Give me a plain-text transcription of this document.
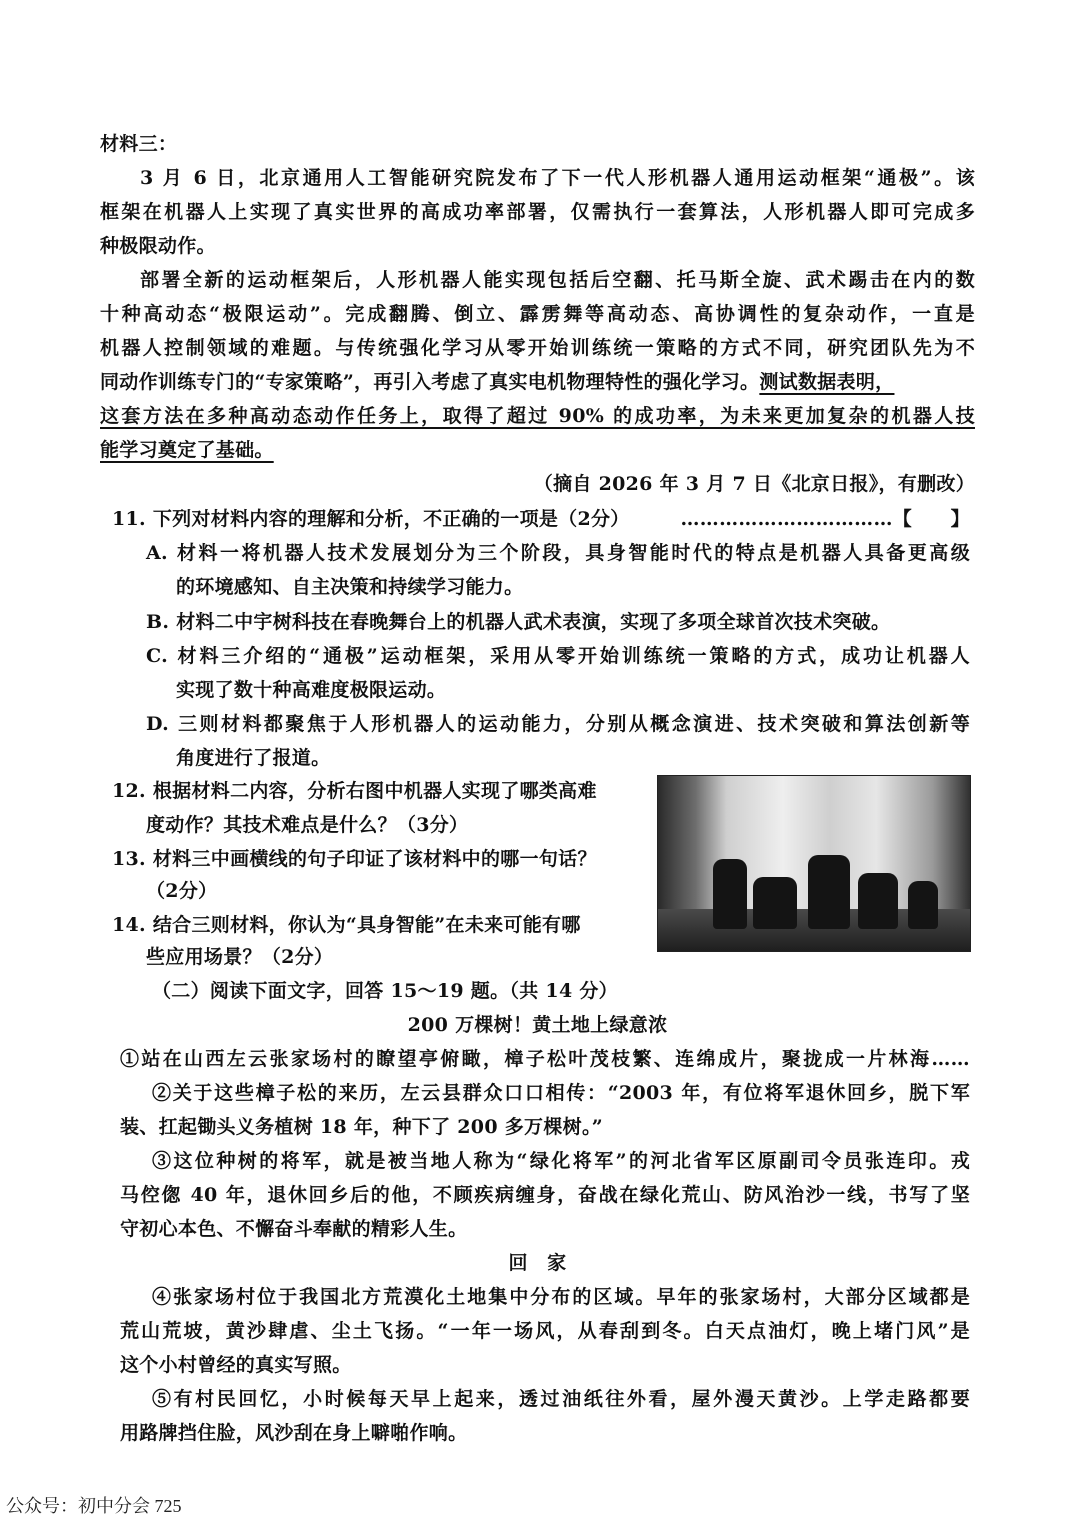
材料三：
3 月 6 日，北京通用人工智能研究院发布了下一代人形机器人通用运动框架“通极”。该
框架在机器人上实现了真实世界的高成功率部署，仅需执行一套算法，人形机器人即可完成多
种极限动作。
部署全新的运动框架后，人形机器人能实现包括后空翻、托马斯全旋、武术踢击在内的数
十种高动态“极限运动”。完成翻腾、倒立、霹雳舞等高动态、高协调性的复杂动作，一直是
机器人控制领域的难题。与传统强化学习从零开始训练统一策略的方式不同，研究团队先为不
同动作训练专门的“专家策略”，再引入考虑了真实电机物理特性的强化学习。测试数据表明，
这套方法在多种高动态动作任务上，取得了超过 90% 的成功率，为未来更加复杂的机器人技
能学习奠定了基础。
（摘自 2026 年 3 月 7 日《北京日报》，有删改）
11. 下列对材料内容的理解和分析，不正确的一项是（2分）	……………………………【　　】
A. 材料一将机器人技术发展划分为三个阶段，具身智能时代的特点是机器人具备更高级
的环境感知、自主决策和持续学习能力。
B. 材料二中宇树科技在春晚舞台上的机器人武术表演，实现了多项全球首次技术突破。
C. 材料三介绍的“通极”运动框架，采用从零开始训练统一策略的方式，成功让机器人
实现了数十种高难度极限运动。
D. 三则材料都聚焦于人形机器人的运动能力，分别从概念演进、技术突破和算法创新等
角度进行了报道。
12. 根据材料二内容，分析右图中机器人实现了哪类高难
度动作？其技术难点是什么？（3分）
13. 材料三中画横线的句子印证了该材料中的哪一句话？
（2分）
14. 结合三则材料，你认为“具身智能”在未来可能有哪
些应用场景？（2分）
（二）阅读下面文字，回答 15～19 题。（共 14 分）
200 万棵树！黄土地上绿意浓
①站在山西左云张家场村的瞭望亭俯瞰，樟子松叶茂枝繁、连绵成片，聚拢成一片林海……
②关于这些樟子松的来历，左云县群众口口相传：“2003 年，有位将军退休回乡，脱下军
装、扛起锄头义务植树 18 年，种下了 200 多万棵树。”
③这位种树的将军，就是被当地人称为“绿化将军”的河北省军区原副司令员张连印。戎
马倥偬 40 年，退休回乡后的他，不顾疾病缠身，奋战在绿化荒山、防风治沙一线，书写了坚
守初心本色、不懈奋斗奉献的精彩人生。
回　家
④张家场村位于我国北方荒漠化土地集中分布的区域。早年的张家场村，大部分区域都是
荒山荒坡，黄沙肆虐、尘土飞扬。“一年一场风，从春刮到冬。白天点油灯，晚上堵门风”是
这个小村曾经的真实写照。
⑤有村民回忆，小时候每天早上起来，透过油纸往外看，屋外漫天黄沙。上学走路都要
用路牌挡住脸，风沙刮在身上噼啪作响。
公众号：初中分会 725
